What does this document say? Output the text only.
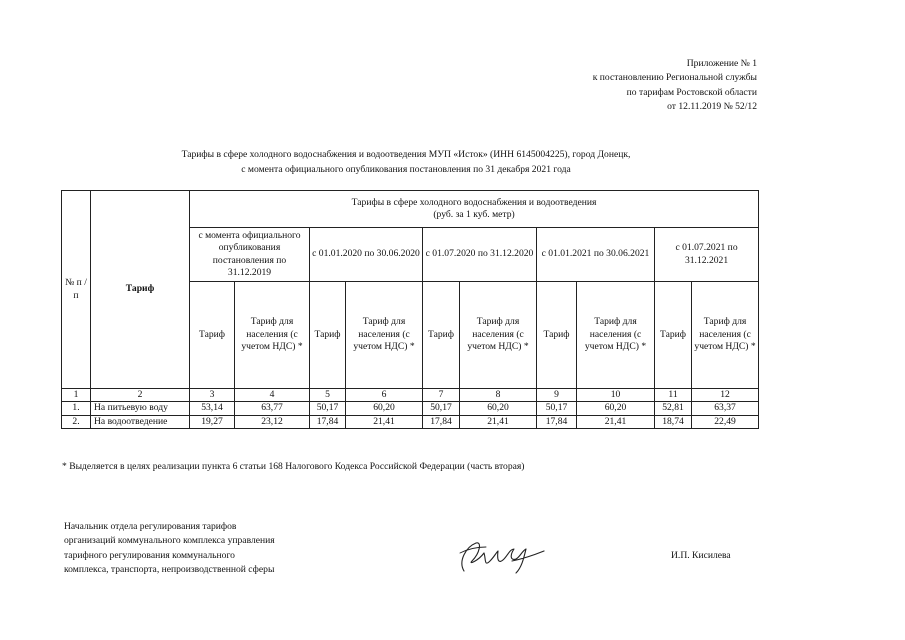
Приложение № 1
к постановлению Региональной службы
по тарифам Ростовской области
от 12.11.2019 № 52/12
Тарифы в сфере холодного водоснабжения и водоотведения МУП «Исток» (ИНН 6145004225), город Донецк,
с момента официального опубликования постановления по 31 декабря 2021 года
№ п /п	Тариф	Тарифы в сфере холодного водоснабжения и водоотведения
(руб. за 1 куб. метр)									

		с момента официального опубликования постановления по 31.12.2019		с 01.01.2020 по 30.06.2020		с 01.07.2020 по 31.12.2020		с 01.01.2021 по 30.06.2021		с 01.07.2021 по 31.12.2021	
		Тариф	Тариф для населения (с учетом НДС) *	Тариф	Тариф для населения (с учетом НДС) *	Тариф	Тариф для населения (с учетом НДС) *	Тариф	Тариф для населения (с учетом НДС) *	Тариф	Тариф для населения (с учетом НДС) *
1	2	3	4	5	6	7	8	9	10	11	12
1.	На питьевую воду	53,14	63,77	50,17	60,20	50,17	60,20	50,17	60,20	52,81	63,37
2.	На водоотведение	19,27	23,12	17,84	21,41	17,84	21,41	17,84	21,41	18,74	22,49
* Выделяется в целях реализации пункта 6 статьи 168 Налогового Кодекса Российской Федерации (часть вторая)
Начальник отдела регулирования тарифов
организаций коммунального комплекса управления
тарифного регулирования коммунального
комплекса, транспорта, непроизводственной сферы
И.П. Кисилева
